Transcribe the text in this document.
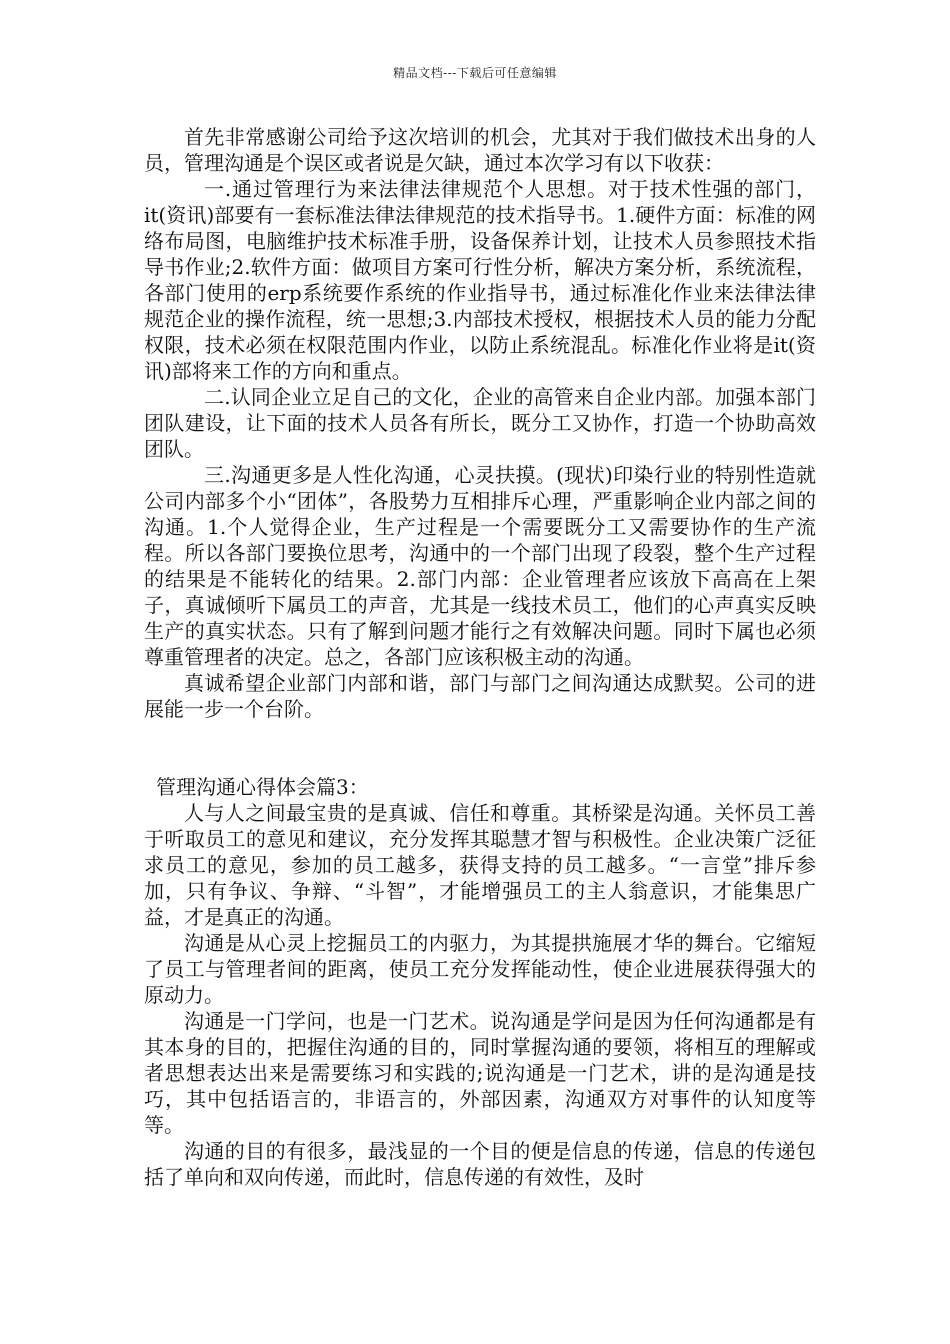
精品文档---下载后可任意编辑

首先非常感谢公司给予这次培训的机会，尤其对于我们做技术出身的人员，管理沟通是个误区或者说是欠缺，通过本次学习有以下收获：

一.通过管理行为来法律法律规范个人思想。对于技术性强的部门，it(资讯)部要有一套标准法律法律规范的技术指导书。1.硬件方面：标准的网络布局图，电脑维护技术标准手册，设备保养计划，让技术人员参照技术指导书作业;2.软件方面：做项目方案可行性分析，解决方案分析，系统流程，各部门使用的erp系统要作系统的作业指导书，通过标准化作业来法律法律规范企业的操作流程，统一思想;3.内部技术授权，根据技术人员的能力分配权限，技术必须在权限范围内作业，以防止系统混乱。标准化作业将是it(资讯)部将来工作的方向和重点。

二.认同企业立足自己的文化，企业的高管来自企业内部。加强本部门团队建设，让下面的技术人员各有所长，既分工又协作，打造一个协助高效团队。

三.沟通更多是人性化沟通，心灵扶摸。(现状)印染行业的特别性造就公司内部多个小“团体”，各股势力互相排斥心理，严重影响企业内部之间的沟通。1.个人觉得企业，生产过程是一个需要既分工又需要协作的生产流程。所以各部门要换位思考，沟通中的一个部门出现了段裂，整个生产过程的结果是不能转化的结果。2.部门内部：企业管理者应该放下高高在上架子，真诚倾听下属员工的声音，尤其是一线技术员工，他们的心声真实反映生产的真实状态。只有了解到问题才能行之有效解决问题。同时下属也必须尊重管理者的决定。总之，各部门应该积极主动的沟通。

真诚希望企业部门内部和谐，部门与部门之间沟通达成默契。公司的进展能一步一个台阶。

管理沟通心得体会篇3：

人与人之间最宝贵的是真诚、信任和尊重。其桥梁是沟通。关怀员工善于听取员工的意见和建议，充分发挥其聪慧才智与积极性。企业决策广泛征求员工的意见，参加的员工越多，获得支持的员工越多。“一言堂”排斥参加，只有争议、争辩、“斗智”，才能增强员工的主人翁意识，才能集思广益，才是真正的沟通。

沟通是从心灵上挖掘员工的内驱力，为其提拱施展才华的舞台。它缩短了员工与管理者间的距离，使员工充分发挥能动性，使企业进展获得强大的原动力。

沟通是一门学问，也是一门艺术。说沟通是学问是因为任何沟通都是有其本身的目的，把握住沟通的目的，同时掌握沟通的要领，将相互的理解或者思想表达出来是需要练习和实践的;说沟通是一门艺术，讲的是沟通是技巧，其中包括语言的，非语言的，外部因素，沟通双方对事件的认知度等等。

沟通的目的有很多，最浅显的一个目的便是信息的传递，信息的传递包括了单向和双向传递，而此时，信息传递的有效性，及时
